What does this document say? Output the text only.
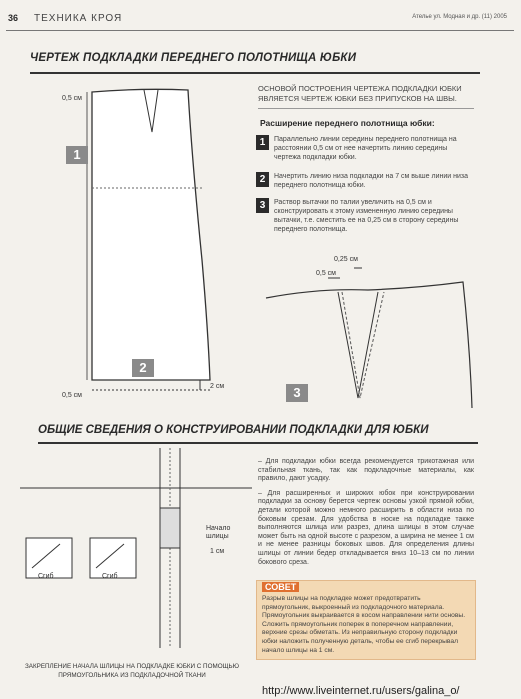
36 ТЕХНИКА КРОЯ	Ателье ул. Модная и др. (11) 2005
ЧЕРТЕЖ ПОДКЛАДКИ ПЕРЕДНЕГО ПОЛОТНИЩА ЮБКИ
0,5 см
0,5 см
2 см
1
2
ОСНОВОЙ ПОСТРОЕНИЯ ЧЕРТЕЖА ПОДКЛАДКИ ЮБКИ ЯВЛЯЕТСЯ ЧЕРТЕЖ ЮБКИ БЕЗ ПРИПУСКОВ НА ШВЫ.
Расширение переднего полотнища юбки:
1	Параллельно линии середины переднего полотнища на расстоянии 0,5 см от нее начертить линию середины чертежа подкладки юбки.
2	Начертить линию низа подкладки на 7 см выше линии низа переднего полотнища юбки.
3	Раствор вытачки по талии увеличить на 0,5 см и сконструировать к этому измененную линию середины вытачки, т.е. сместить ее на 0,25 см в сторону середины переднего полотнища.
0,25 см
0,5 см
3
ОБЩИЕ СВЕДЕНИЯ О КОНСТРУИРОВАНИИ ПОДКЛАДКИ ДЛЯ ЮБКИ
Сгиб	Сгиб
Начало шлицы
1 см
ЗАКРЕПЛЕНИЕ НАЧАЛА ШЛИЦЫ НА ПОДКЛАДКЕ ЮБКИ С ПОМОЩЬЮ ПРЯМОУГОЛЬНИКА ИЗ ПОДКЛАДОЧНОЙ ТКАНИ

– Для подкладки юбки всегда рекомендуется трикотажная или стабильная ткань, так как подкладочные материалы, как правило, дают усадку.

– Для расширенных и широких юбок при конструировании подкладки за основу берется чертеж основы узкой прямой юбки, детали которой можно немного расширить в области низа по боковым срезам. Для удобства в носке на подкладке также выполняются шлица или разрез, длина шлицы в этом случае может быть на одной высоте с разрезом, а ширина не менее 1 см и не менее разницы боковых швов. Для определения длины шлицы от линии бедер откладывается вниз 10–13 см по линии бокового среза.

СОВЕТ
Разрыв шлицы на подкладке может предотвратить прямоугольник, выкроенный из подкладочного материала. Прямоугольник выкраивается в косом направлении нити основы. Сложить прямоугольник поперек в поперечном направлении, верхние срезы обметать. Из неправильную сторону подкладки юбки наложить полученную деталь, чтобы ее сгиб перекрывал начало шлицы на 1 см.
http://www.liveinternet.ru/users/galina_o/
